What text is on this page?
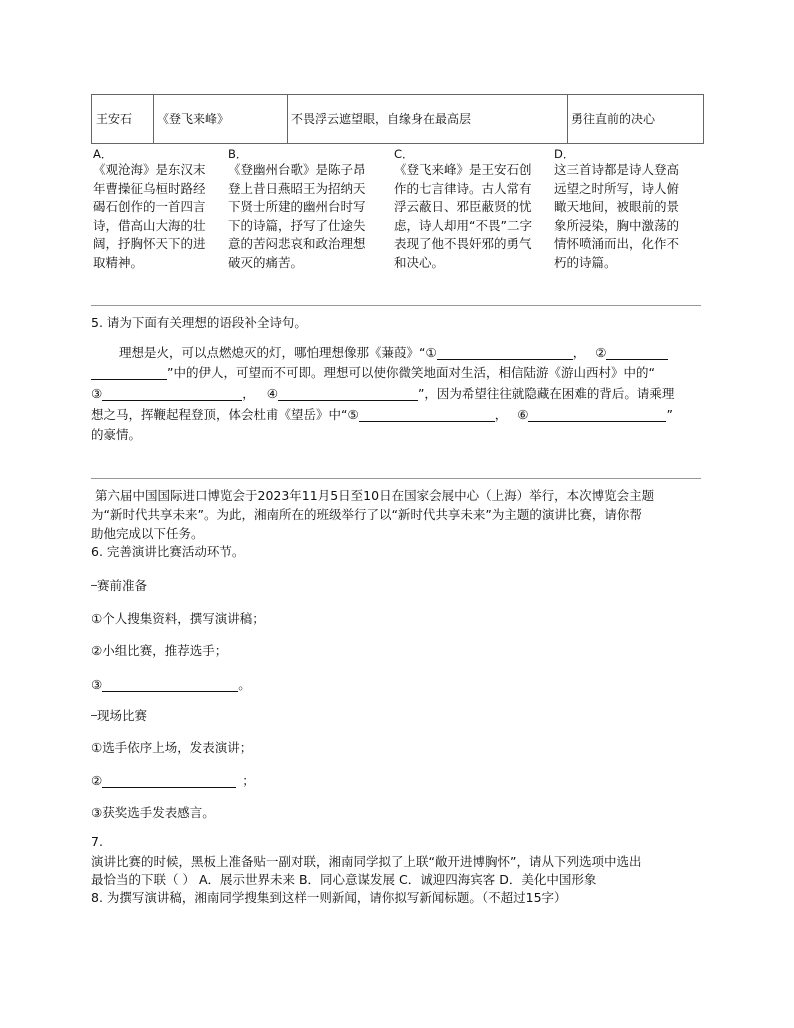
王安石	《登飞来峰》	不畏浮云遮望眼，自缘身在最高层	勇往直前的决心
A．
《观沧海》是东汉末
年曹操征乌桓时路经
碣石创作的一首四言
诗，借高山大海的壮
阔，抒胸怀天下的进
取精神。
B．
《登幽州台歌》是陈子昂
登上昔日燕昭王为招纳天
下贤士所建的幽州台时写
下的诗篇，抒写了仕途失
意的苦闷悲哀和政治理想
破灭的痛苦。
C．
《登飞来峰》是王安石创
作的七言律诗。古人常有
浮云蔽日、邪臣蔽贤的忧
虑，诗人却用“不畏”二字
表现了他不畏奸邪的勇气
和决心。
D．
这三首诗都是诗人登高
远望之时所写，诗人俯
瞰天地间，被眼前的景
象所浸染，胸中激荡的
情怀喷涌而出，化作不
朽的诗篇。
5. 请为下面有关理想的语段补全诗句。
理想是火，可以点燃熄灭的灯，哪怕理想像那《蒹葭》“①	， ②
”中的伊人，可望而不可即。理想可以使你微笑地面对生活，相信陆游《游山西村》中的“
③	， ④	”，因为希望往往就隐藏在困难的背后。请乘理
想之马，挥鞭起程登顶，体会杜甫《望岳》中“⑤	， ⑥	”
的豪情。
第六届中国国际进口博览会于2023年11月5日至10日在国家会展中心（上海）举行，本次博览会主题
为“新时代共享未来”。为此，湘南所在的班级举行了以“新时代共享未来”为主题的演讲比赛，请你帮
助他完成以下任务。
6. 完善演讲比赛活动环节。
赛前准备
①个人搜集资料，撰写演讲稿；
②小组比赛，推荐选手；
③	。
现场比赛
①选手依序上场，发表演讲；
②	；
③获奖选手发表感言。
7.
演讲比赛的时候，黑板上准备贴一副对联，湘南同学拟了上联“敞开进博胸怀”，请从下列选项中选出
最恰当的下联（ ） A．展示世界未来 B．同心意谋发展 C．诚迎四海宾客 D．美化中国形象
8. 为撰写演讲稿，湘南同学搜集到这样一则新闻，请你拟写新闻标题。（不超过15字）
